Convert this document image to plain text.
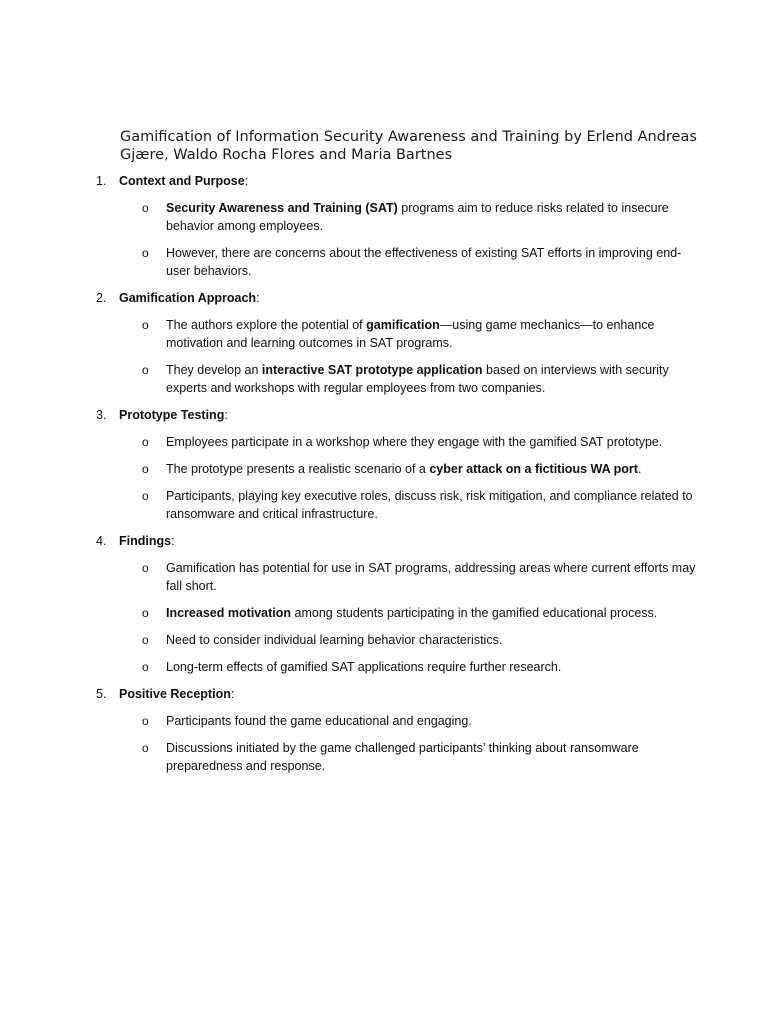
Gamification of Information Security Awareness and Training by Erlend Andreas Gjære, Waldo Rocha Flores and Maria Bartnes
1.	Context and Purpose:
o	Security Awareness and Training (SAT) programs aim to reduce risks related to insecure behavior among employees.
o	However, there are concerns about the effectiveness of existing SAT efforts in improving end-user behaviors.
2.	Gamification Approach:
o	The authors explore the potential of gamification—using game mechanics—to enhance motivation and learning outcomes in SAT programs.
o	They develop an interactive SAT prototype application based on interviews with security experts and workshops with regular employees from two companies.
3.	Prototype Testing:
o	Employees participate in a workshop where they engage with the gamified SAT prototype.
o	The prototype presents a realistic scenario of a cyber attack on a fictitious WA port.
o	Participants, playing key executive roles, discuss risk, risk mitigation, and compliance related to ransomware and critical infrastructure.
4.	Findings:
o	Gamification has potential for use in SAT programs, addressing areas where current efforts may fall short.
o	Increased motivation among students participating in the gamified educational process.
o	Need to consider individual learning behavior characteristics.
o	Long-term effects of gamified SAT applications require further research.
5.	Positive Reception:
o	Participants found the game educational and engaging.
o	Discussions initiated by the game challenged participants’ thinking about ransomware preparedness and response.
